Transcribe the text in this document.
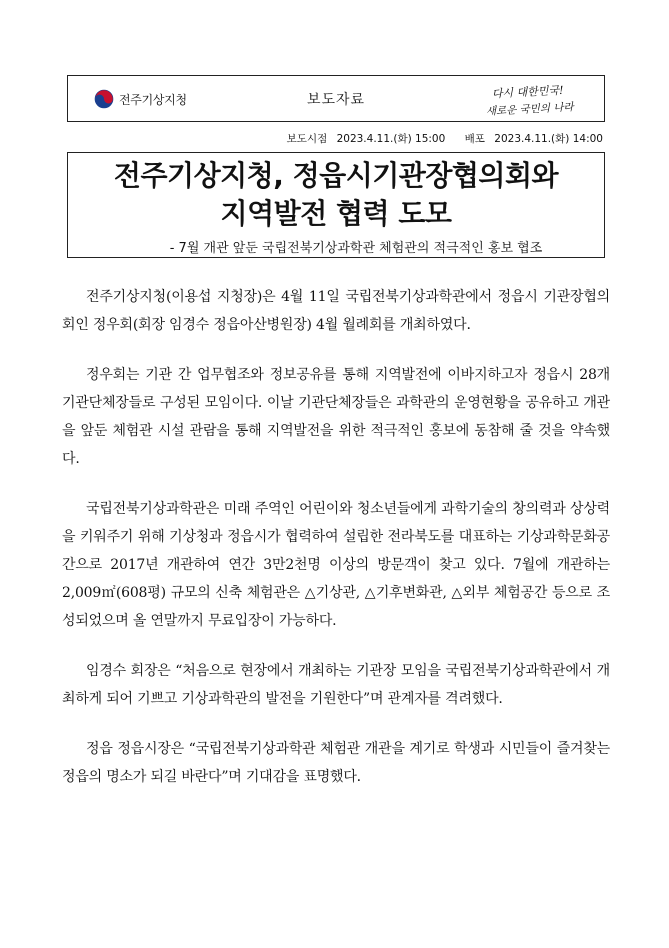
전주기상지청	보도자료	다시 대한민국!
새로운 국민의 나라
보도시점 2023.4.11.(화) 15:00 배포 2023.4.11.(화) 14:00
전주기상지청, 정읍시기관장협의회와
지역발전 협력 도모
- 7월 개관 앞둔 국립전북기상과학관 체험관의 적극적인 홍보 협조

전주기상지청(이용섭 지청장)은 4월 11일 국립전북기상과학관에서 정읍시 기관장협의회인 정우회(회장 임경수 정읍아산병원장) 4월 월례회를 개최하였다.

정우회는 기관 간 업무협조와 정보공유를 통해 지역발전에 이바지하고자 정읍시 28개 기관단체장들로 구성된 모임이다. 이날 기관단체장들은 과학관의 운영현황을 공유하고 개관을 앞둔 체험관 시설 관람을 통해 지역발전을 위한 적극적인 홍보에 동참해 줄 것을 약속했다.

국립전북기상과학관은 미래 주역인 어린이와 청소년들에게 과학기술의 창의력과 상상력을 키워주기 위해 기상청과 정읍시가 협력하여 설립한 전라북도를 대표하는 기상과학문화공간으로 2017년 개관하여 연간 3만2천명 이상의 방문객이 찾고 있다. 7월에 개관하는 2,009㎡(608평) 규모의 신축 체험관은 △기상관, △기후변화관, △외부 체험공간 등으로 조성되었으며 올 연말까지 무료입장이 가능하다.

임경수 회장은 “처음으로 현장에서 개최하는 기관장 모임을 국립전북기상과학관에서 개최하게 되어 기쁘고 기상과학관의 발전을 기원한다”며 관계자를 격려했다.

정읍 정읍시장은 “국립전북기상과학관 체험관 개관을 계기로 학생과 시민들이 즐겨찾는 정읍의 명소가 되길 바란다”며 기대감을 표명했다.
